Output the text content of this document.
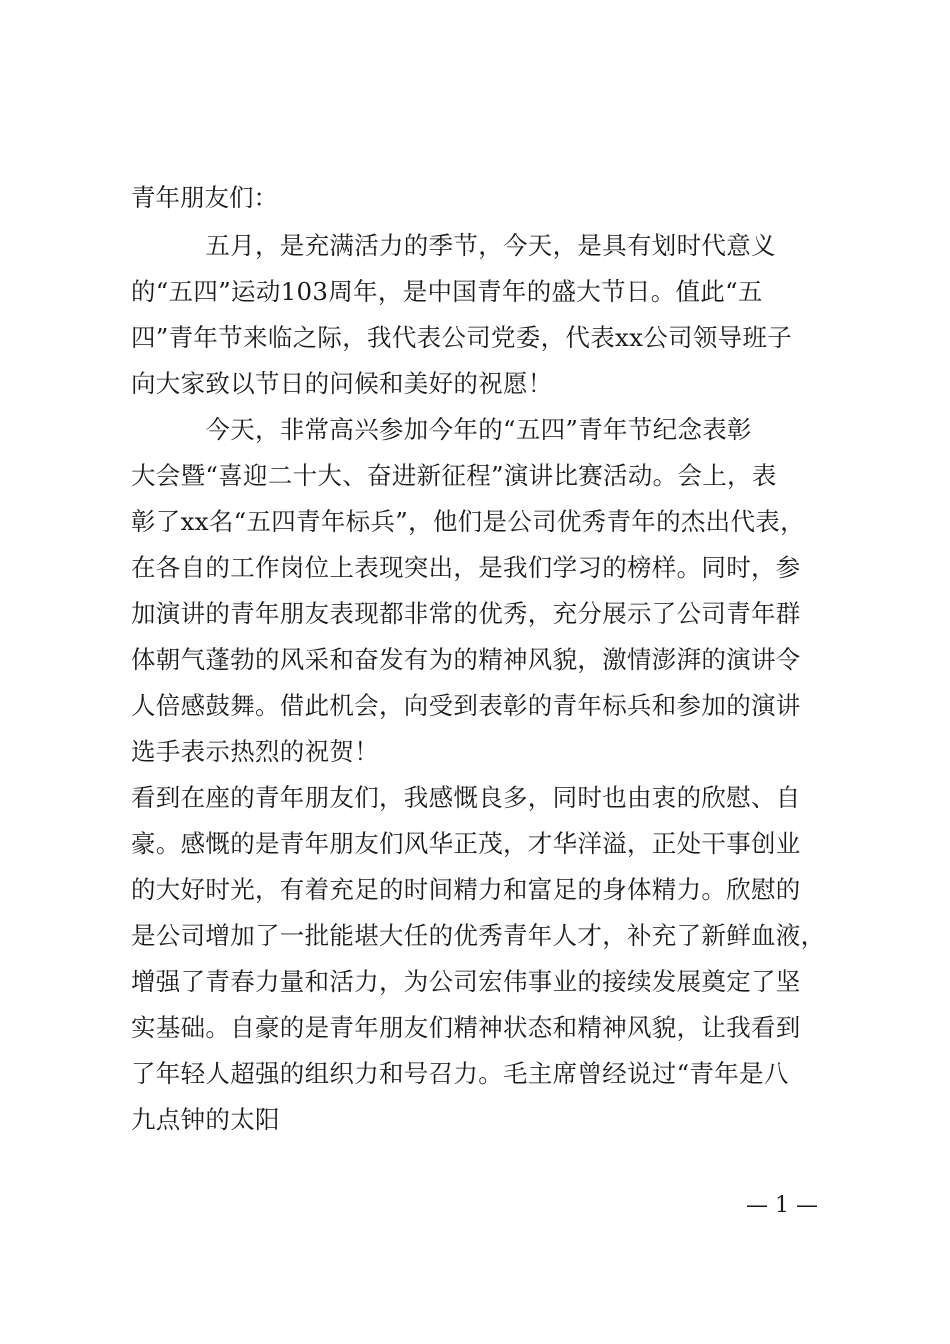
青年朋友们：
　　　五月，是充满活力的季节，今天，是具有划时代意义
的“五四”运动103周年，是中国青年的盛大节日。值此“五
四”青年节来临之际，我代表公司党委，代表xx公司领导班子
向大家致以节日的问候和美好的祝愿！
　　　今天，非常高兴参加今年的“五四”青年节纪念表彰
大会暨“喜迎二十大、奋进新征程”演讲比赛活动。会上，表
彰了xx名“五四青年标兵”，他们是公司优秀青年的杰出代表，
在各自的工作岗位上表现突出，是我们学习的榜样。同时，参
加演讲的青年朋友表现都非常的优秀，充分展示了公司青年群
体朝气蓬勃的风采和奋发有为的精神风貌，激情澎湃的演讲令
人倍感鼓舞。借此机会，向受到表彰的青年标兵和参加的演讲
选手表示热烈的祝贺！
看到在座的青年朋友们，我感慨良多，同时也由衷的欣慰、自
豪。感慨的是青年朋友们风华正茂，才华洋溢，正处干事创业
的大好时光，有着充足的时间精力和富足的身体精力。欣慰的
是公司增加了一批能堪大任的优秀青年人才，补充了新鲜血液，
增强了青春力量和活力，为公司宏伟事业的接续发展奠定了坚
实基础。自豪的是青年朋友们精神状态和精神风貌，让我看到
了年轻人超强的组织力和号召力。毛主席曾经说过“青年是八
九点钟的太阳
— 1 —
